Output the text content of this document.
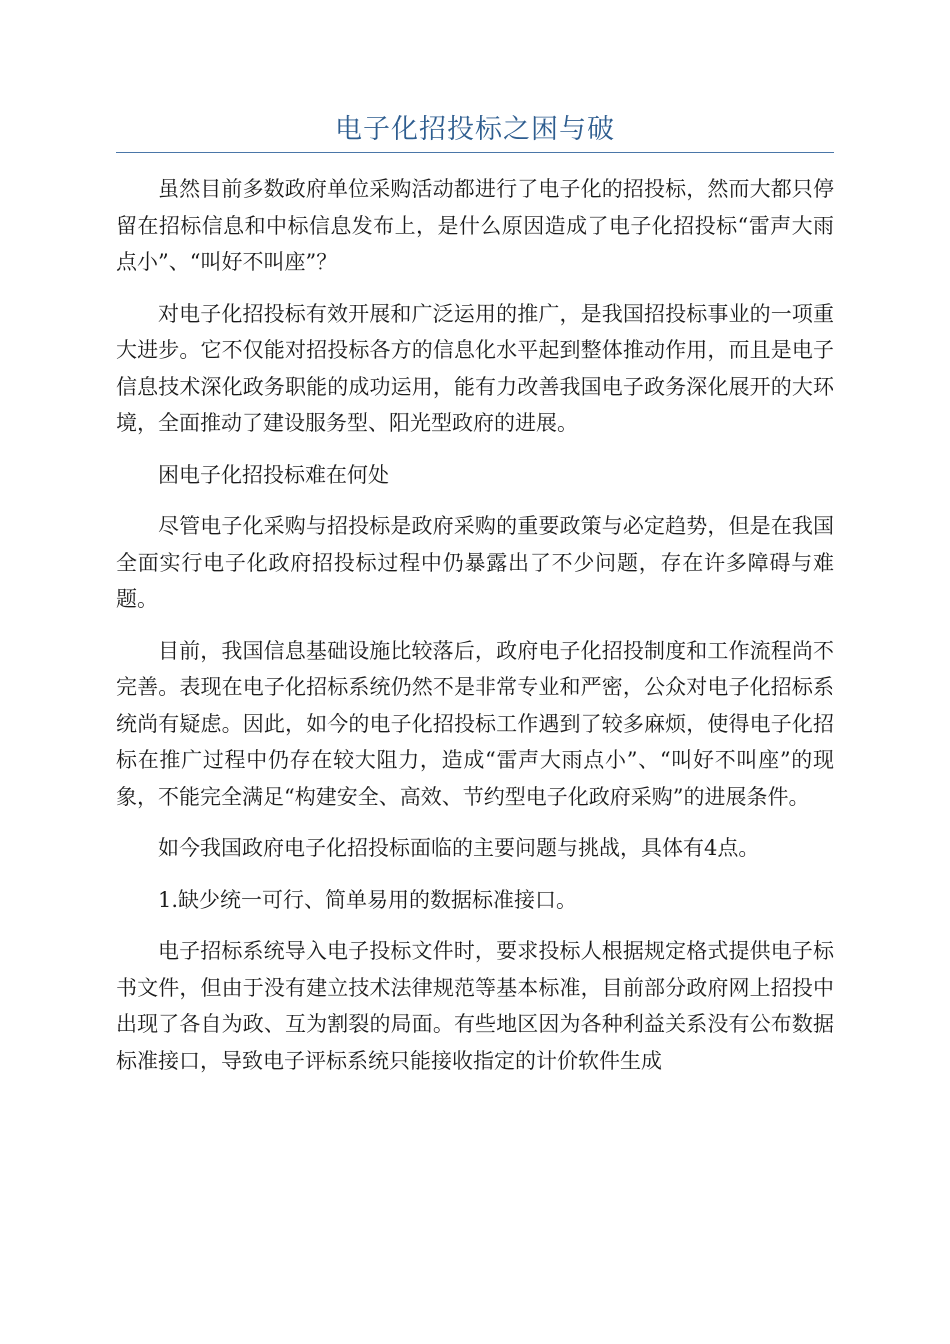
电子化招投标之困与破

虽然目前多数政府单位采购活动都进行了电子化的招投标，然而大都只停留在招标信息和中标信息发布上，是什么原因造成了电子化招投标“雷声大雨点小”、“叫好不叫座”？

对电子化招投标有效开展和广泛运用的推广，是我国招投标事业的一项重大进步。它不仅能对招投标各方的信息化水平起到整体推动作用，而且是电子信息技术深化政务职能的成功运用，能有力改善我国电子政务深化展开的大环境，全面推动了建设服务型、阳光型政府的进展。

困电子化招投标难在何处

尽管电子化采购与招投标是政府采购的重要政策与必定趋势，但是在我国全面实行电子化政府招投标过程中仍暴露出了不少问题，存在许多障碍与难题。

目前，我国信息基础设施比较落后，政府电子化招投制度和工作流程尚不完善。表现在电子化招标系统仍然不是非常专业和严密，公众对电子化招标系统尚有疑虑。因此，如今的电子化招投标工作遇到了较多麻烦，使得电子化招标在推广过程中仍存在较大阻力，造成“雷声大雨点小”、“叫好不叫座”的现象，不能完全满足“构建安全、高效、节约型电子化政府采购”的进展条件。

如今我国政府电子化招投标面临的主要问题与挑战，具体有4点。

1.缺少统一可行、简单易用的数据标准接口。

电子招标系统导入电子投标文件时，要求投标人根据规定格式提供电子标书文件，但由于没有建立技术法律规范等基本标准，目前部分政府网上招投中出现了各自为政、互为割裂的局面。有些地区因为各种利益关系没有公布数据标准接口，导致电子评标系统只能接收指定的计价软件生成
